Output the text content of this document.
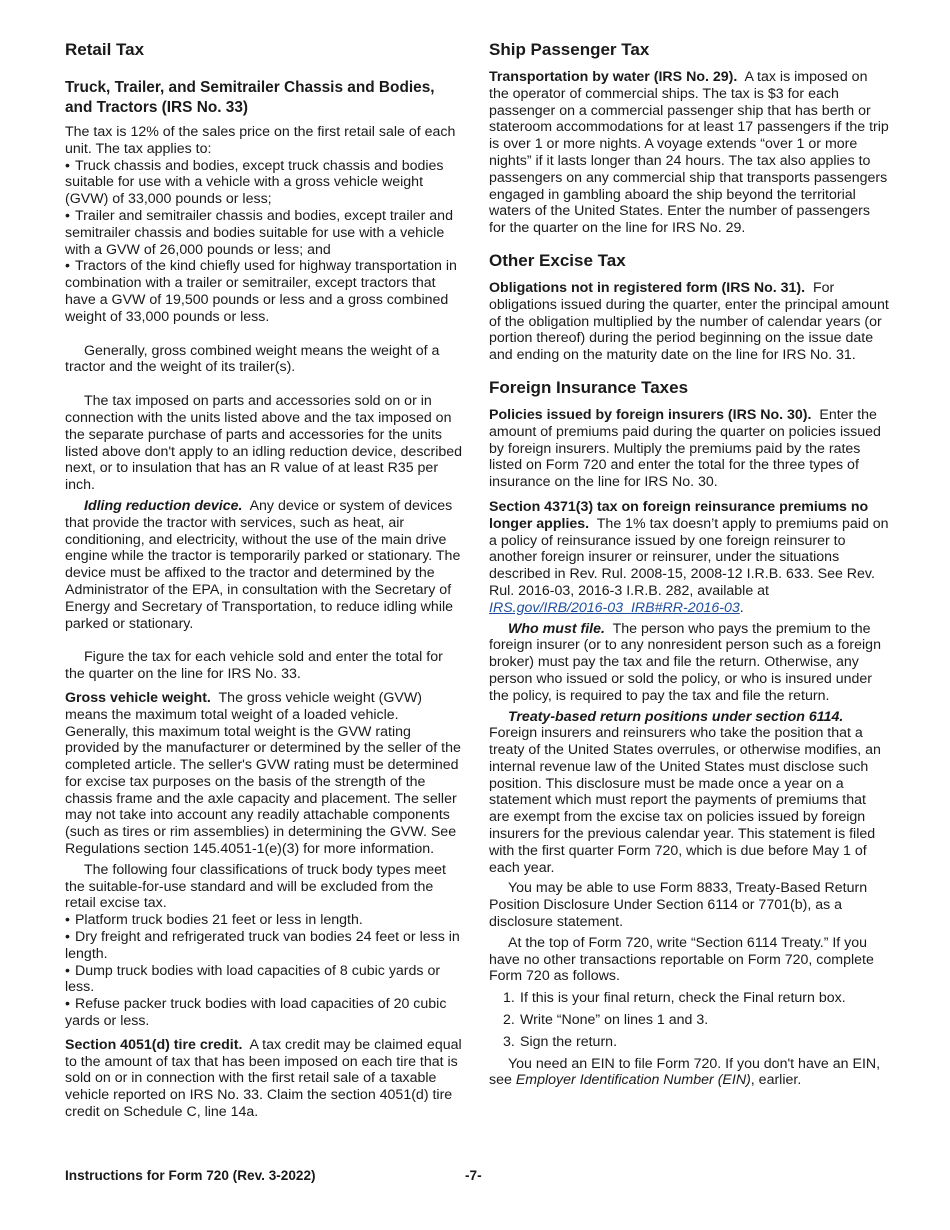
Retail Tax
Truck, Trailer, and Semitrailer Chassis and Bodies, and Tractors (IRS No. 33)

The tax is 12% of the sales price on the first retail sale of each unit. The tax applies to:

• Truck chassis and bodies, except truck chassis and bodies suitable for use with a vehicle with a gross vehicle weight (GVW) of 33,000 pounds or less;
• Trailer and semitrailer chassis and bodies, except trailer and semitrailer chassis and bodies suitable for use with a vehicle with a GVW of 26,000 pounds or less; and
• Tractors of the kind chiefly used for highway transportation in combination with a trailer or semitrailer, except tractors that have a GVW of 19,500 pounds or less and a gross combined weight of 33,000 pounds or less.

Generally, gross combined weight means the weight of a tractor and the weight of its trailer(s).

The tax imposed on parts and accessories sold on or in connection with the units listed above and the tax imposed on the separate purchase of parts and accessories for the units listed above don't apply to an idling reduction device, described next, or to insulation that has an R value of at least R35 per inch.

Idling reduction device. Any device or system of devices that provide the tractor with services, such as heat, air conditioning, and electricity, without the use of the main drive engine while the tractor is temporarily parked or stationary. The device must be affixed to the tractor and determined by the Administrator of the EPA, in consultation with the Secretary of Energy and Secretary of Transportation, to reduce idling while parked or stationary.

Figure the tax for each vehicle sold and enter the total for the quarter on the line for IRS No. 33.

Gross vehicle weight. The gross vehicle weight (GVW) means the maximum total weight of a loaded vehicle. Generally, this maximum total weight is the GVW rating provided by the manufacturer or determined by the seller of the completed article. The seller's GVW rating must be determined for excise tax purposes on the basis of the strength of the chassis frame and the axle capacity and placement. The seller may not take into account any readily attachable components (such as tires or rim assemblies) in determining the GVW. See Regulations section 145.4051-1(e)(3) for more information.

The following four classifications of truck body types meet the suitable-for-use standard and will be excluded from the retail excise tax.

• Platform truck bodies 21 feet or less in length.
• Dry freight and refrigerated truck van bodies 24 feet or less in length.
• Dump truck bodies with load capacities of 8 cubic yards or less.
• Refuse packer truck bodies with load capacities of 20 cubic yards or less.

Section 4051(d) tire credit. A tax credit may be claimed equal to the amount of tax that has been imposed on each tire that is sold on or in connection with the first retail sale of a taxable vehicle reported on IRS No. 33. Claim the section 4051(d) tire credit on Schedule C, line 14a.

Ship Passenger Tax

Transportation by water (IRS No. 29). A tax is imposed on the operator of commercial ships. The tax is $3 for each passenger on a commercial passenger ship that has berth or stateroom accommodations for at least 17 passengers if the trip is over 1 or more nights. A voyage extends “over 1 or more nights” if it lasts longer than 24 hours. The tax also applies to passengers on any commercial ship that transports passengers engaged in gambling aboard the ship beyond the territorial waters of the United States. Enter the number of passengers for the quarter on the line for IRS No. 29.

Other Excise Tax

Obligations not in registered form (IRS No. 31). For obligations issued during the quarter, enter the principal amount of the obligation multiplied by the number of calendar years (or portion thereof) during the period beginning on the issue date and ending on the maturity date on the line for IRS No. 31.

Foreign Insurance Taxes

Policies issued by foreign insurers (IRS No. 30). Enter the amount of premiums paid during the quarter on policies issued by foreign insurers. Multiply the premiums paid by the rates listed on Form 720 and enter the total for the three types of insurance on the line for IRS No. 30.

Section 4371(3) tax on foreign reinsurance premiums no longer applies. The 1% tax doesn’t apply to premiums paid on a policy of reinsurance issued by one foreign reinsurer to another foreign insurer or reinsurer, under the situations described in Rev. Rul. 2008-15, 2008-12 I.R.B. 633. See Rev. Rul. 2016-03, 2016-3 I.R.B. 282, available at IRS.gov/IRB/2016-03_IRB#RR-2016-03.

Who must file. The person who pays the premium to the foreign insurer (or to any nonresident person such as a foreign broker) must pay the tax and file the return. Otherwise, any person who issued or sold the policy, or who is insured under the policy, is required to pay the tax and file the return.

Treaty-based return positions under section 6114. Foreign insurers and reinsurers who take the position that a treaty of the United States overrules, or otherwise modifies, an internal revenue law of the United States must disclose such position. This disclosure must be made once a year on a statement which must report the payments of premiums that are exempt from the excise tax on policies issued by foreign insurers for the previous calendar year. This statement is filed with the first quarter Form 720, which is due before May 1 of each year.

You may be able to use Form 8833, Treaty-Based Return Position Disclosure Under Section 6114 or 7701(b), as a disclosure statement.

At the top of Form 720, write “Section 6114 Treaty.” If you have no other transactions reportable on Form 720, complete Form 720 as follows.

1. If this is your final return, check the Final return box.
2. Write “None” on lines 1 and 3.
3. Sign the return.

You need an EIN to file Form 720. If you don't have an EIN, see Employer Identification Number (EIN), earlier.

Instructions for Form 720 (Rev. 3-2022)	-7-
